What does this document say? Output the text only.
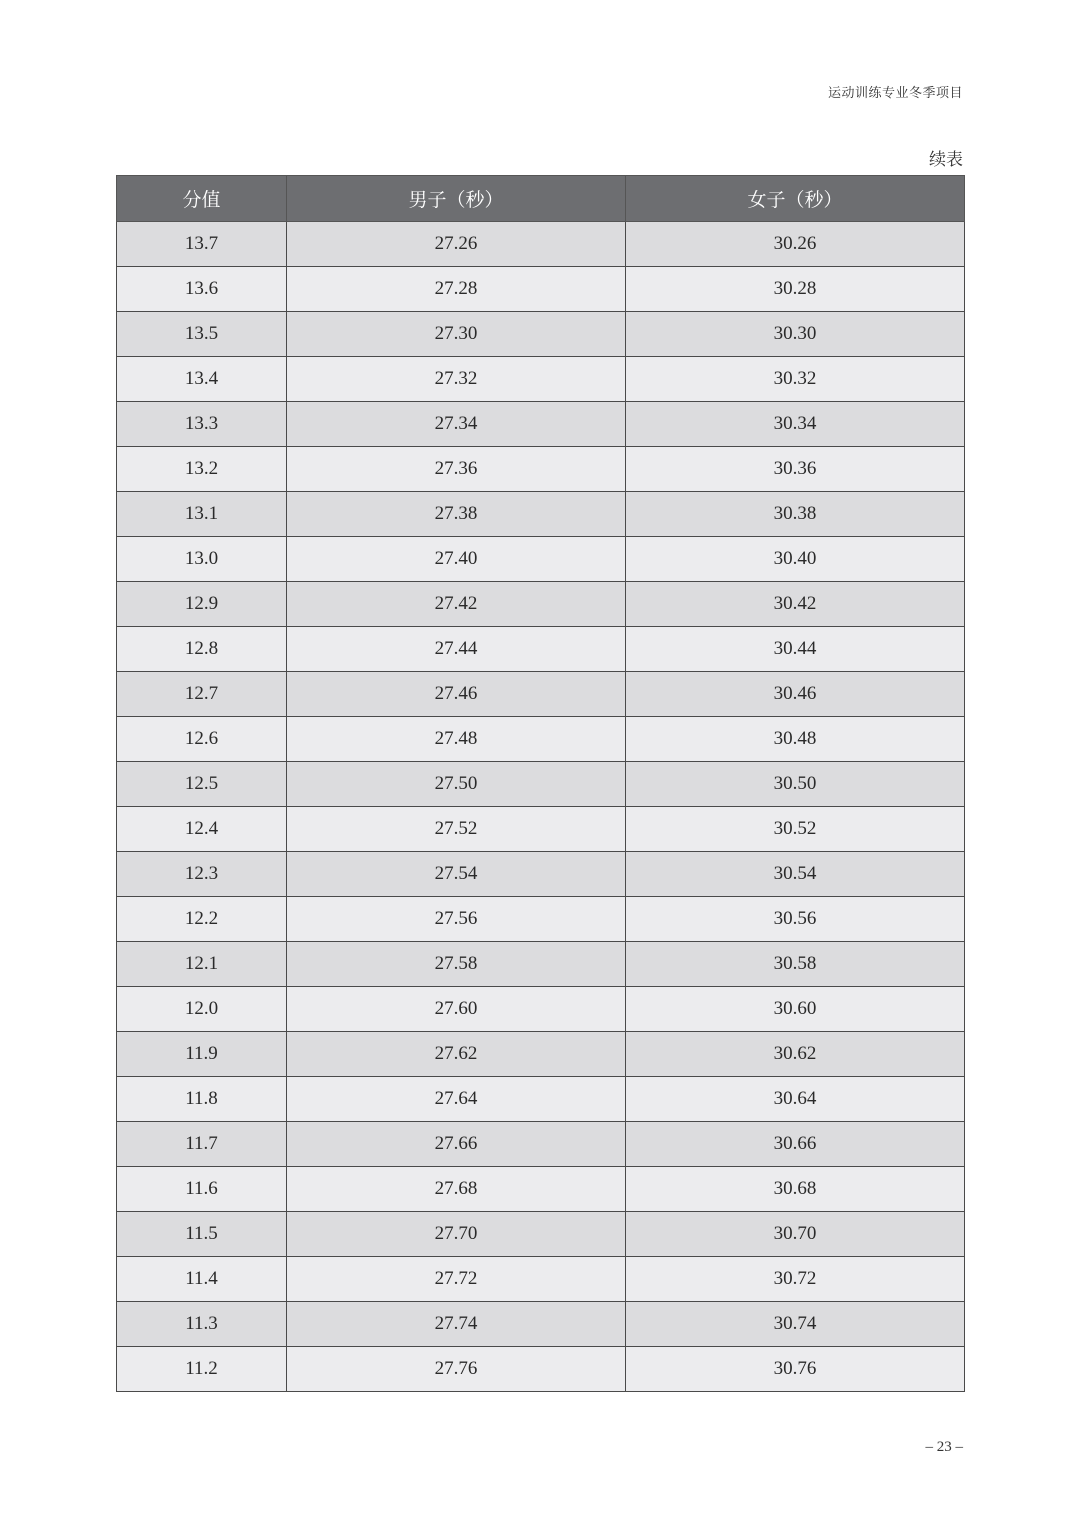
运动训练专业冬季项目
续表
分值	男子（秒）	女子（秒）
13.7	27.26	30.26
13.6	27.28	30.28
13.5	27.30	30.30
13.4	27.32	30.32
13.3	27.34	30.34
13.2	27.36	30.36
13.1	27.38	30.38
13.0	27.40	30.40
12.9	27.42	30.42
12.8	27.44	30.44
12.7	27.46	30.46
12.6	27.48	30.48
12.5	27.50	30.50
12.4	27.52	30.52
12.3	27.54	30.54
12.2	27.56	30.56
12.1	27.58	30.58
12.0	27.60	30.60
11.9	27.62	30.62
11.8	27.64	30.64
11.7	27.66	30.66
11.6	27.68	30.68
11.5	27.70	30.70
11.4	27.72	30.72
11.3	27.74	30.74
11.2	27.76	30.76
– 23 –
